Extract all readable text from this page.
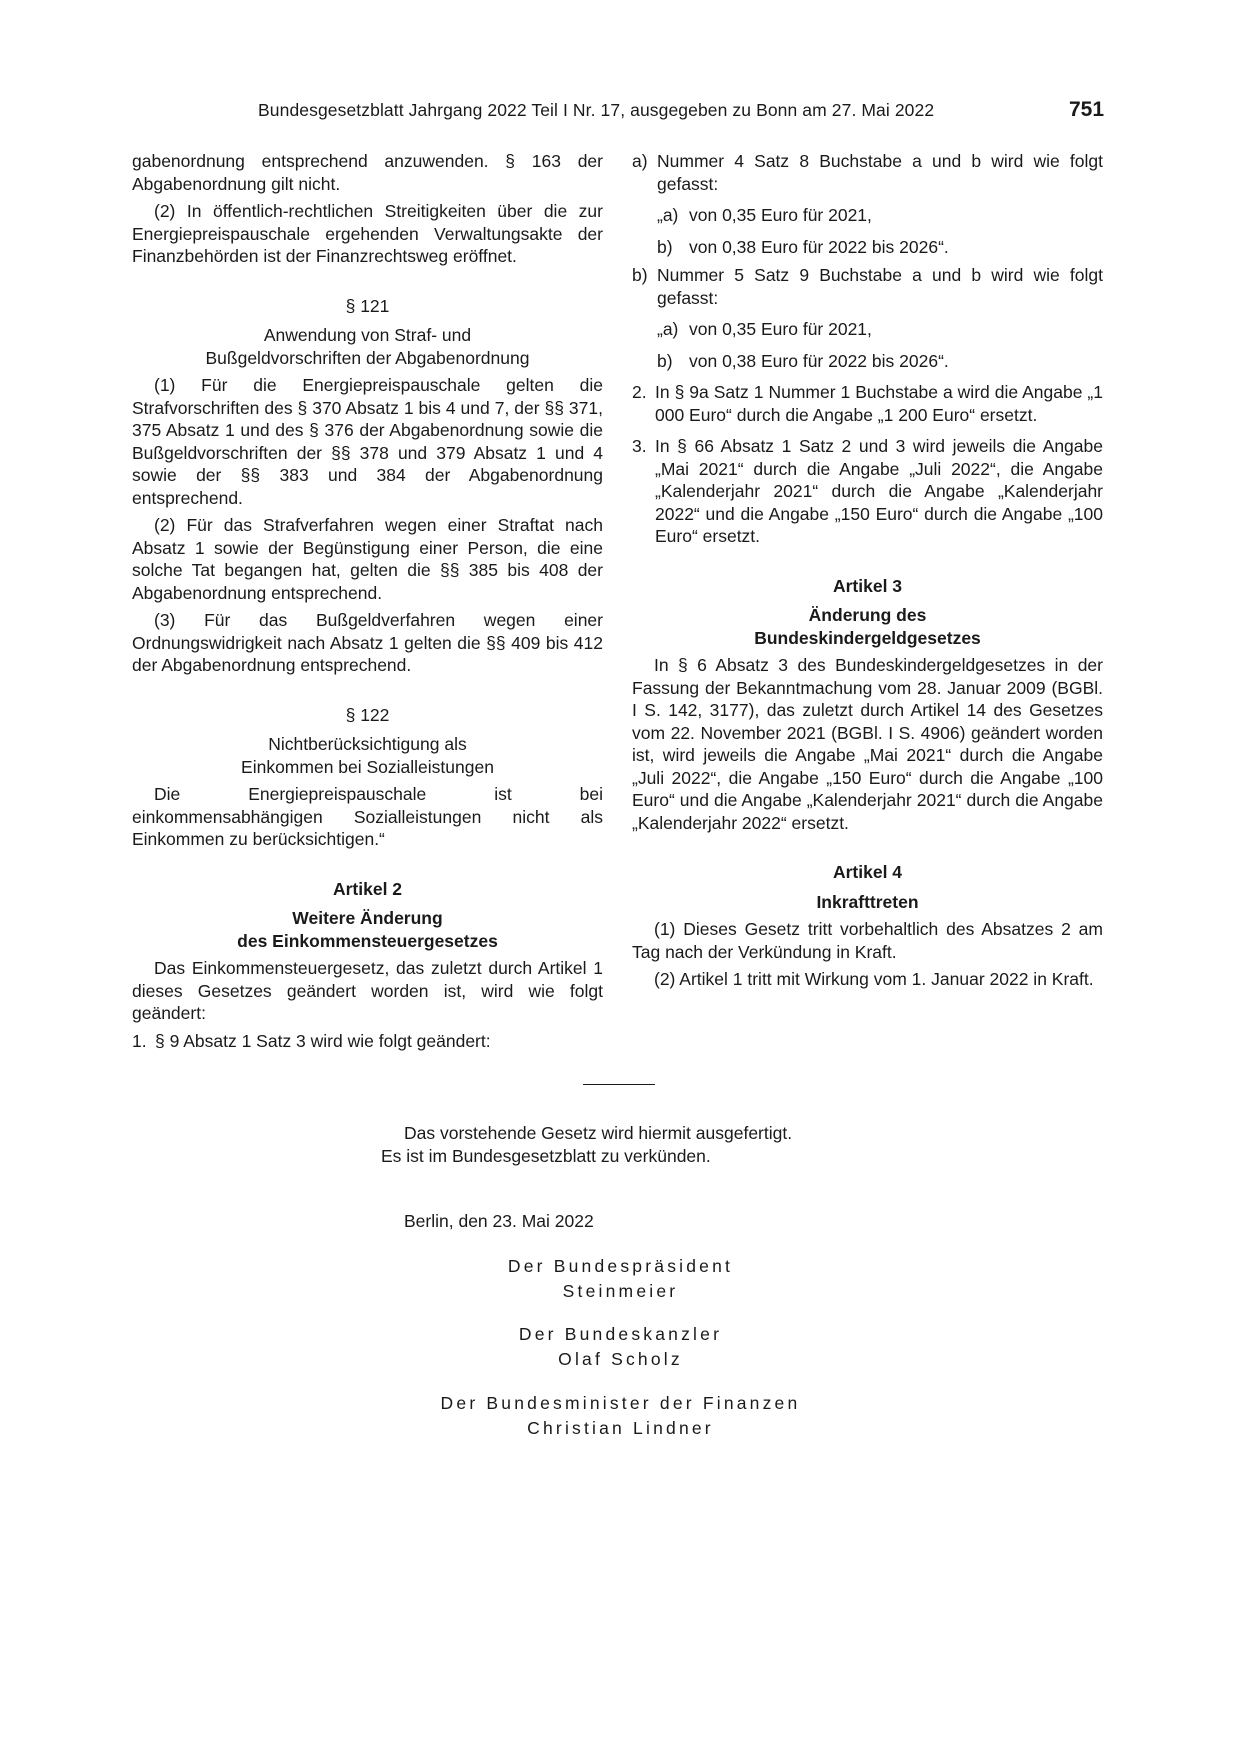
Bundesgesetzblatt Jahrgang 2022 Teil I Nr. 17, ausgegeben zu Bonn am 27. Mai 2022	751

gabenordnung entsprechend anzuwenden. § 163 der Abgabenordnung gilt nicht.

(2) In öffentlich-rechtlichen Streitigkeiten über die zur Energiepreispauschale ergehenden Verwaltungsakte der Finanzbehörden ist der Finanzrechtsweg eröffnet.

§ 121
Anwendung von Straf- und
Bußgeldvorschriften der Abgabenordnung

(1) Für die Energiepreispauschale gelten die Strafvorschriften des § 370 Absatz 1 bis 4 und 7, der §§ 371, 375 Absatz 1 und des § 376 der Abgabenordnung sowie die Bußgeldvorschriften der §§ 378 und 379 Absatz 1 und 4 sowie der §§ 383 und 384 der Abgabenordnung entsprechend.

(2) Für das Strafverfahren wegen einer Straftat nach Absatz 1 sowie der Begünstigung einer Person, die eine solche Tat begangen hat, gelten die §§ 385 bis 408 der Abgabenordnung entsprechend.

(3) Für das Bußgeldverfahren wegen einer Ordnungswidrigkeit nach Absatz 1 gelten die §§ 409 bis 412 der Abgabenordnung entsprechend.

§ 122
Nichtberücksichtigung als
Einkommen bei Sozialleistungen

Die Energiepreispauschale ist bei einkommensabhängigen Sozialleistungen nicht als Einkommen zu berücksichtigen.“

Artikel 2
Weitere Änderung
des Einkommensteuergesetzes

Das Einkommensteuergesetz, das zuletzt durch Artikel 1 dieses Gesetzes geändert worden ist, wird wie folgt geändert:

1. § 9 Absatz 1 Satz 3 wird wie folgt geändert:
a) Nummer 4 Satz 8 Buchstabe a und b wird wie folgt gefasst:
„a) von 0,35 Euro für 2021,
b) von 0,38 Euro für 2022 bis 2026“.
b) Nummer 5 Satz 9 Buchstabe a und b wird wie folgt gefasst:
„a) von 0,35 Euro für 2021,
b) von 0,38 Euro für 2022 bis 2026“.
2. In § 9a Satz 1 Nummer 1 Buchstabe a wird die Angabe „1 000 Euro“ durch die Angabe „1 200 Euro“ ersetzt.
3. In § 66 Absatz 1 Satz 2 und 3 wird jeweils die Angabe „Mai 2021“ durch die Angabe „Juli 2022“, die Angabe „Kalenderjahr 2021“ durch die Angabe „Kalenderjahr 2022“ und die Angabe „150 Euro“ durch die Angabe „100 Euro“ ersetzt.
Artikel 3
Änderung des
Bundeskindergeldgesetzes

In § 6 Absatz 3 des Bundeskindergeldgesetzes in der Fassung der Bekanntmachung vom 28. Januar 2009 (BGBl. I S. 142, 3177), das zuletzt durch Artikel 14 des Gesetzes vom 22. November 2021 (BGBl. I S. 4906) geändert worden ist, wird jeweils die Angabe „Mai 2021“ durch die Angabe „Juli 2022“, die Angabe „150 Euro“ durch die Angabe „100 Euro“ und die Angabe „Kalenderjahr 2021“ durch die Angabe „Kalenderjahr 2022“ ersetzt.

Artikel 4
Inkrafttreten

(1) Dieses Gesetz tritt vorbehaltlich des Absatzes 2 am Tag nach der Verkündung in Kraft.

(2) Artikel 1 tritt mit Wirkung vom 1. Januar 2022 in Kraft.

Das vorstehende Gesetz wird hiermit ausgefertigt.
Es ist im Bundesgesetzblatt zu verkünden.
Berlin, den 23. Mai 2022
Der Bundespräsident
Steinmeier
Der Bundeskanzler
Olaf Scholz
Der Bundesminister der Finanzen
Christian Lindner
